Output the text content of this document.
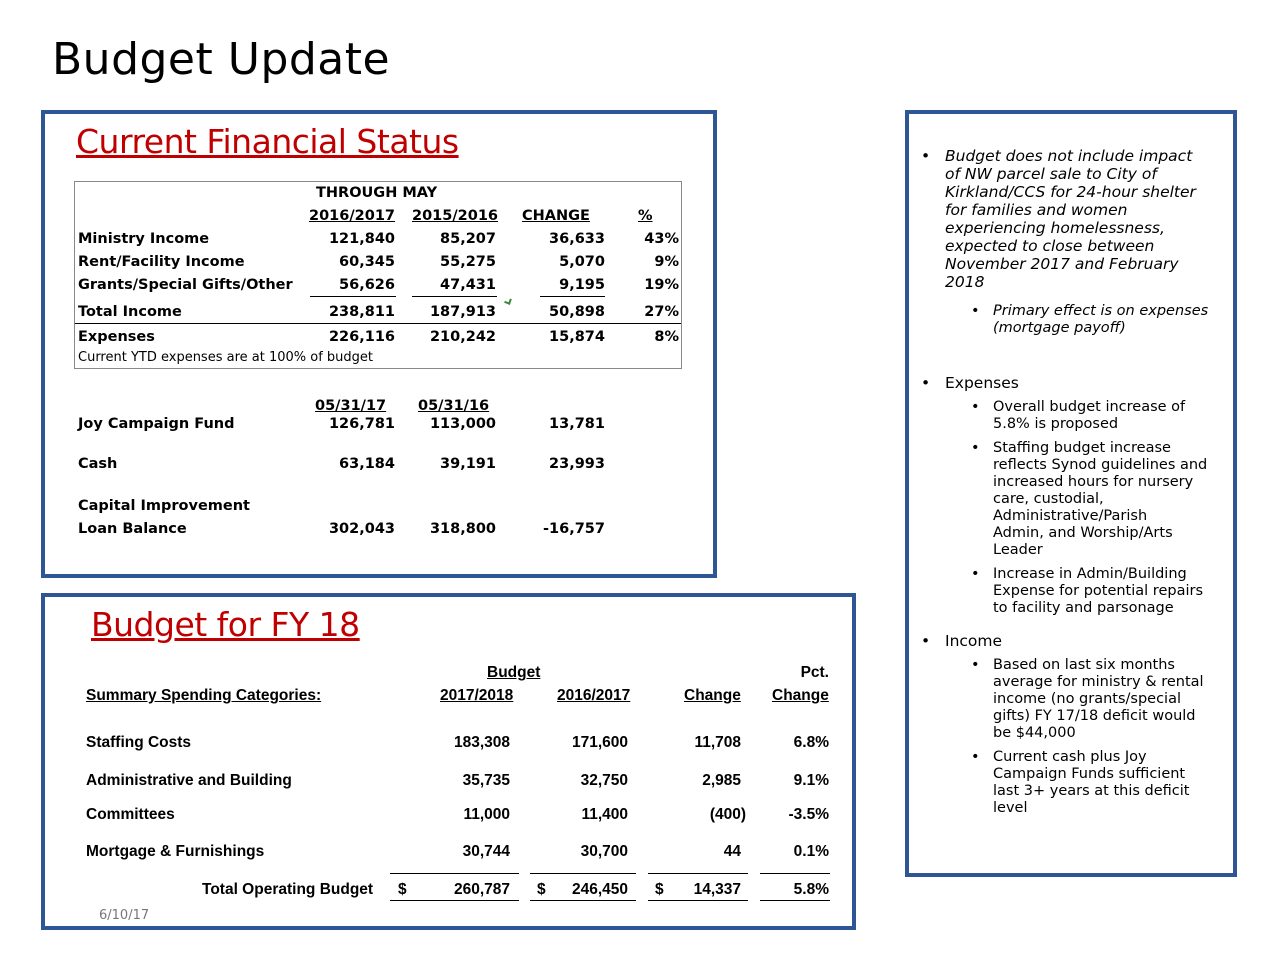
Budget Update
Current Financial Status
THROUGH MAY
2016/2017 2015/2016 CHANGE	%
Ministry Income	121,840	85,207	36,633	43%
Rent/Facility Income	60,345	55,275	5,070	9%
Grants/Special Gifts/Other	56,626	47,431	9,195	19%
Total Income	238,811	187,913	50,898	27%
Expenses	226,116	210,242	15,874	8%
Current YTD expenses are at 100% of budget
05/31/17 05/31/16
Joy Campaign Fund	126,781	113,000	13,781
Cash	63,184	39,191	23,993
Capital Improvement
Loan Balance	302,043	318,800	-16,757
Budget for FY 18
Budget	Pct.
Summary Spending Categories:	2017/2018	2016/2017	Change Change
Staffing Costs	183,308	171,600	11,708	6.8%
Administrative and Building	35,735	32,750	2,985	9.1%
Committees	11,000	11,400	(400)	-3.5%
Mortgage & Furnishings	30,744	30,700	44	0.1%
Total Operating Budget $	260,787 $	246,450 $	14,337	5.8%
6/10/17
• Budget does not include impact
of NW parcel sale to City of
Kirkland/CCS for 24-hour shelter
for families and women
experiencing homelessness,
expected to close between
November 2017 and February
2018
• Primary effect is on expenses
(mortgage payoff)
• Expenses
• Overall budget increase of
5.8% is proposed
• Staffing budget increase
reflects Synod guidelines and
increased hours for nursery
care, custodial,
Administrative/Parish
Admin, and Worship/Arts
Leader
• Increase in Admin/Building
Expense for potential repairs
to facility and parsonage
• Income
• Based on last six months
average for ministry & rental
income (no grants/special
gifts) FY 17/18 deficit would
be $44,000
• Current cash plus Joy
Campaign Funds sufficient
last 3+ years at this deficit
level
